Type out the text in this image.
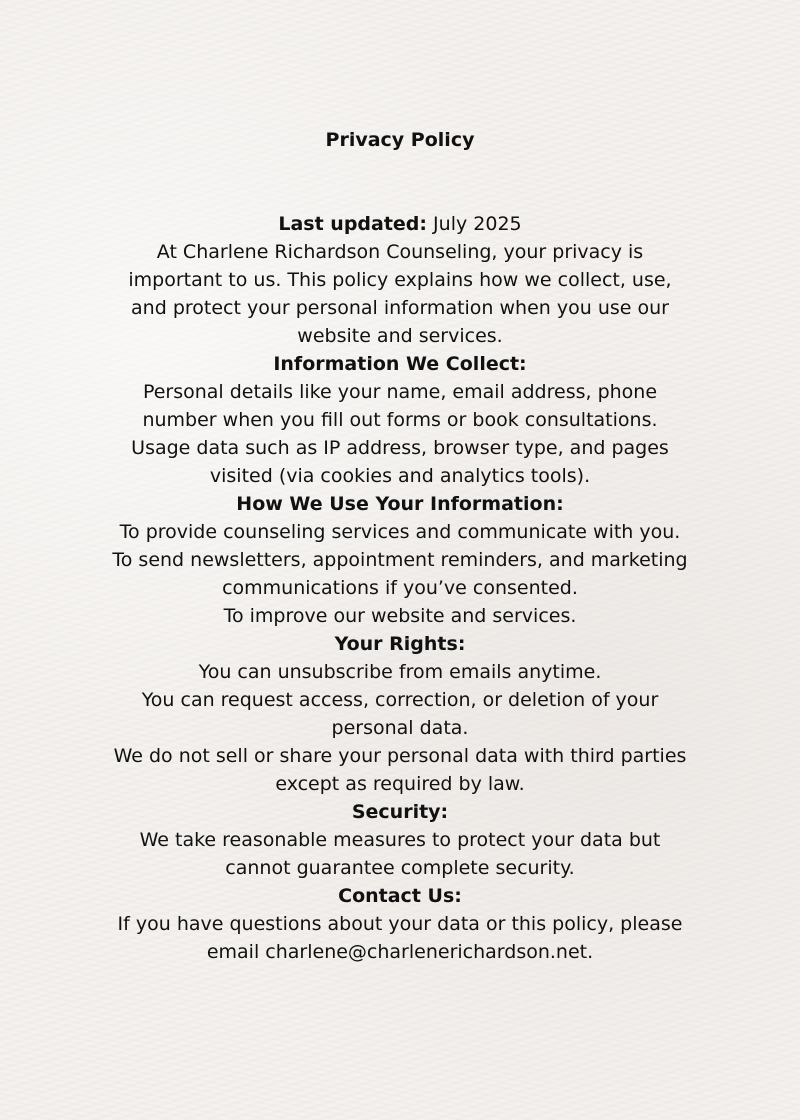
Privacy Policy

Last updated: July 2025

At Charlene Richardson Counseling, your privacy is important to us. This policy explains how we collect, use, and protect your personal information when you use our website and services.

Information We Collect:

Personal details like your name, email address, phone number when you fill out forms or book consultations.

Usage data such as IP address, browser type, and pages visited (via cookies and analytics tools).

How We Use Your Information:

To provide counseling services and communicate with you.

To send newsletters, appointment reminders, and marketing communications if you’ve consented.

To improve our website and services.

Your Rights:

You can unsubscribe from emails anytime.

You can request access, correction, or deletion of your personal data.

We do not sell or share your personal data with third parties except as required by law.

Security:

We take reasonable measures to protect your data but cannot guarantee complete security.

Contact Us:

If you have questions about your data or this policy, please email charlene@charlenerichardson.net.
